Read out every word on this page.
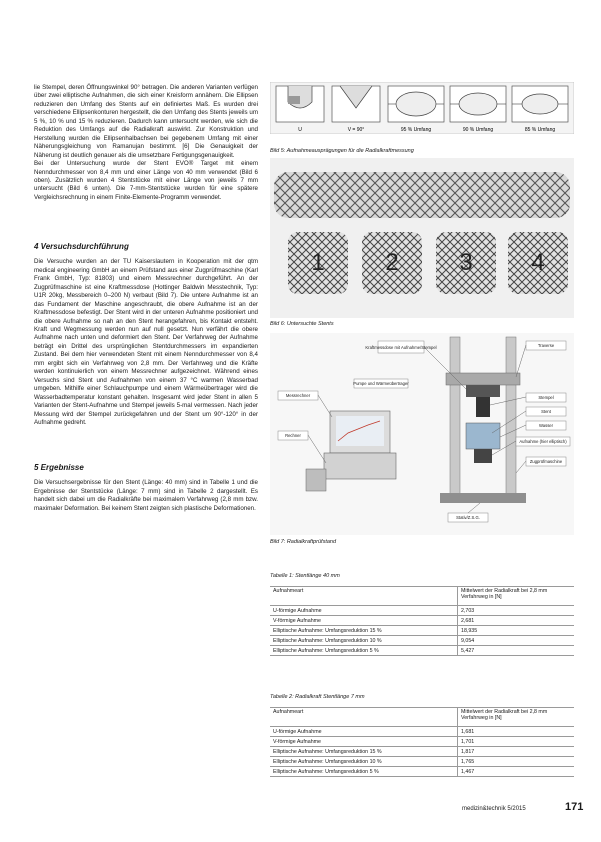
lie Stempel, deren Öffnungswinkel 90° betragen. Die anderen Varianten verfügen über zwei elliptische Aufnahmen, die sich einer Kreisform annähern. Die Ellipsen reduzieren den Umfang des Stents auf ein definiertes Maß. Es wurden drei verschiedene Ellipsenkonturen hergestellt, die den Umfang des Stents jeweils um 5 %, 10 % und 15 % reduzieren. Dadurch kann untersucht werden, wie sich die Reduktion des Umfangs auf die Radialkraft auswirkt. Zur Konstruktion und Herstellung wurden die Ellipsenhalbachsen bei gegebenem Umfang mit einer Näherungsgleichung von Ramanujan bestimmt. [6] Die Genauigkeit der Näherung ist deutlich genauer als die umsetzbare Fertigungsgenauigkeit.

Bei der Untersuchung wurde der Stent EVO® Target mit einem Nenndurchmesser von 8,4 mm und einer Länge von 40 mm verwendet (Bild 6 oben). Zusätzlich wurden 4 Stentstücke mit einer Länge von jeweils 7 mm untersucht (Bild 6 unten). Die 7-mm-Stentstücke wurden für eine spätere Vergleichsrechnung in einem Finite-Elemente-Programm verwendet.

4 Versuchsdurchführung

Die Versuche wurden an der TU Kaiserslautern in Kooperation mit der qtm medical engineering GmbH an einem Prüfstand aus einer Zugprüfmaschine (Karl Frank GmbH, Typ: 81803) und einem Messrechner durchgeführt. An der Zugprüfmaschine ist eine Kraftmessdose (Hottinger Baldwin Messtechnik, Typ: U1R 20kg, Messbereich 0–200 N) verbaut (Bild 7). Die untere Aufnahme ist an das Fundament der Maschine angeschraubt, die obere Aufnahme ist an der Kraftmessdose befestigt. Der Stent wird in der unteren Aufnahme positioniert und die obere Aufnahme so nah an den Stent herangefahren, bis Kontakt entsteht. Kraft und Wegmessung werden nun auf null gesetzt. Nun verfährt die obere Aufnahme nach unten und deformiert den Stent. Der Verfahrweg der Aufnahme beträgt ein Drittel des ursprünglichen Stentdurchmessers im expandierten Zustand. Bei dem hier verwendeten Stent mit einem Nenndurchmesser von 8,4 mm ergibt sich ein Verfahrweg von 2,8 mm. Der Verfahrweg und die Kräfte werden kontinuierlich von einem Messrechner aufgezeichnet. Während eines Versuchs sind Stent und Aufnahmen von einem 37 °C warmen Wasserbad umgeben. Mithilfe einer Schlauchpumpe und einem Wärmeübertrager wird die Wasserbadtemperatur konstant gehalten. Insgesamt wird jeder Stent in allen 5 Varianten der Stent-Aufnahme und Stempel jeweils 5-mal vermessen. Nach jeder Messung wird der Stempel zurückgefahren und der Stent um 90°-120° in der Aufnahme gedreht.

5 Ergebnisse

Die Versuchsergebnisse für den Stent (Länge: 40 mm) sind in Tabelle 1 und die Ergebnisse der Stentstücke (Länge: 7 mm) sind in Tabelle 2 dargestellt. Es handelt sich dabei um die Radialkräfte bei maximalem Verfahrweg (2,8 mm bzw. maximaler Deformation. Bei keinem Stent zeigten sich plastische Deformationen.

U	V = 90°	95 % Umfang	90 % Umfang	85 % Umfang
Bild 5: Aufnahmeausprägungen für die Radialkraftmessung
1	2	3 4
Bild 6: Untersuchte Stents
Kraftmessdose mit Aufnahme/Stempel	Traverse
Messrechner
Pumpe und Wärmeübertrager
Stempel
Stent
Wasser
Aufnahme (hier elliptisch)
Zugprüfmaschine
Rechner
Stativ/Z.S.G.
Bild 7: Radialkraftprüfstand
Tabelle 1: Stentlänge 40 mm
Aufnahmeart	Mittelwert der Radialkraft bei 2,8 mm Verfahrweg in [N]
U-förmige Aufnahme	2,703
V-förmige Aufnahme	2,681
Elliptische Aufnahme: Umfangsreduktion 15 %	18,935
Elliptische Aufnahme: Umfangsreduktion 10 %	9,054
Elliptische Aufnahme: Umfangsreduktion 5 %	5,427
Tabelle 2: Radialkraft Stentlänge 7 mm
Aufnahmeart	Mittelwert der Radialkraft bei 2,8 mm Verfahrweg in [N]
U-förmige Aufnahme	1,681
V-förmige Aufnahme	1,701
Elliptische Aufnahme: Umfangsreduktion 15 %	1,817
Elliptische Aufnahme: Umfangsreduktion 10 %	1,765
Elliptische Aufnahme: Umfangsreduktion 5 %	1,467
medizin&technik 5/2015	171
